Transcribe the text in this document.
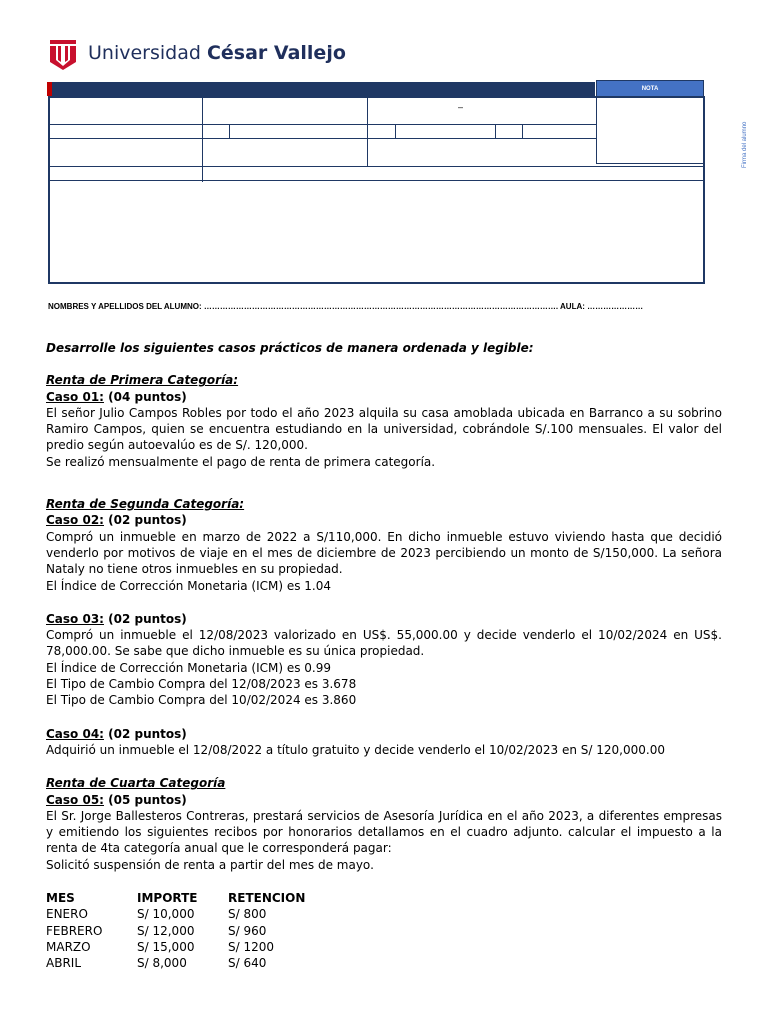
Universidad César Vallejo
NOTA
Firma del alumno
–
NOMBRES Y APELLIDOS DEL ALUMNO: ……………………………………………………………………………………………………………………. AULA: …………………

Desarrolle los siguientes casos prácticos de manera ordenada y legible:

Renta de Primera Categoría:

Caso 01: (04 puntos)

El señor Julio Campos Robles por todo el año 2023 alquila su casa amoblada ubicada en Barranco a su sobrino Ramiro Campos, quien se encuentra estudiando en la universidad, cobrándole S/.100 mensuales. El valor del predio según autoevalúo es de S/. 120,000.

Se realizó mensualmente el pago de renta de primera categoría.

Renta de Segunda Categoría:

Caso 02: (02 puntos)

Compró un inmueble en marzo de 2022 a S/110,000. En dicho inmueble estuvo viviendo hasta que decidió venderlo por motivos de viaje en el mes de diciembre de 2023 percibiendo un monto de S/150,000. La señora Nataly no tiene otros inmuebles en su propiedad.

El Índice de Corrección Monetaria (ICM) es 1.04

Caso 03: (02 puntos)

Compró un inmueble el 12/08/2023 valorizado en US$. 55,000.00 y decide venderlo el 10/02/2024 en US$. 78,000.00. Se sabe que dicho inmueble es su única propiedad.

El Índice de Corrección Monetaria (ICM) es 0.99

El Tipo de Cambio Compra del 12/08/2023 es 3.678

El Tipo de Cambio Compra del 10/02/2024 es 3.860

Caso 04: (02 puntos)

Adquirió un inmueble el 12/08/2022 a título gratuito y decide venderlo el 10/02/2023 en S/ 120,000.00

Renta de Cuarta Categoría

Caso 05: (05 puntos)

El Sr. Jorge Ballesteros Contreras, prestará servicios de Asesoría Jurídica en el año 2023, a diferentes empresas y emitiendo los siguientes recibos por honorarios detallamos en el cuadro adjunto. calcular el impuesto a la renta de 4ta categoría anual que le corresponderá pagar:

Solicitó suspensión de renta a partir del mes de mayo.

MES	IMPORTE	RETENCION
ENERO	S/ 10,000	S/ 800
FEBRERO	S/ 12,000	S/ 960
MARZO	S/ 15,000	S/ 1200
ABRIL	S/ 8,000	S/ 640
